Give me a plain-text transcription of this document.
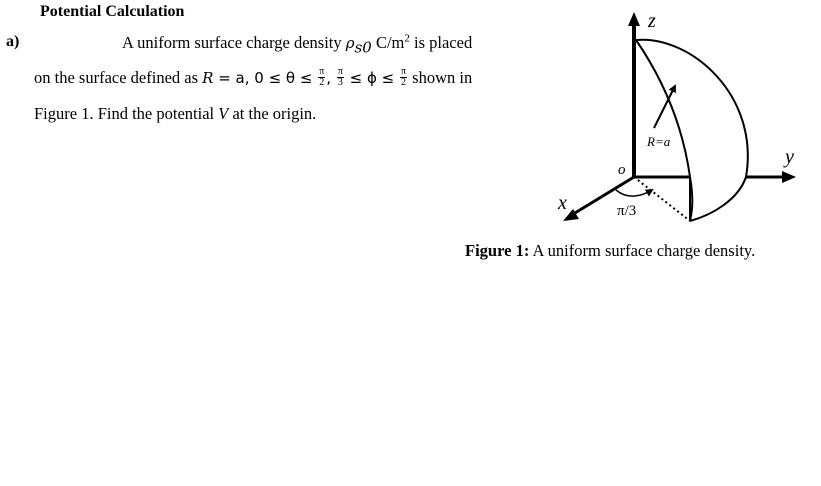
Potential Calculation
a)	A uniform surface charge density $\rho_{s0}$ $C/m^2$ is placed
on the surface defined as R = a, $0 \le \theta \le \frac{\pi}{2}$ , $\frac{\pi}{3} \le \phi \le \frac{\pi}{2}$ shown in
Figure 1. Find the potential V at the origin.
z
y
x
o
R=a
π/3
Figure 1: A uniform surface charge density.
